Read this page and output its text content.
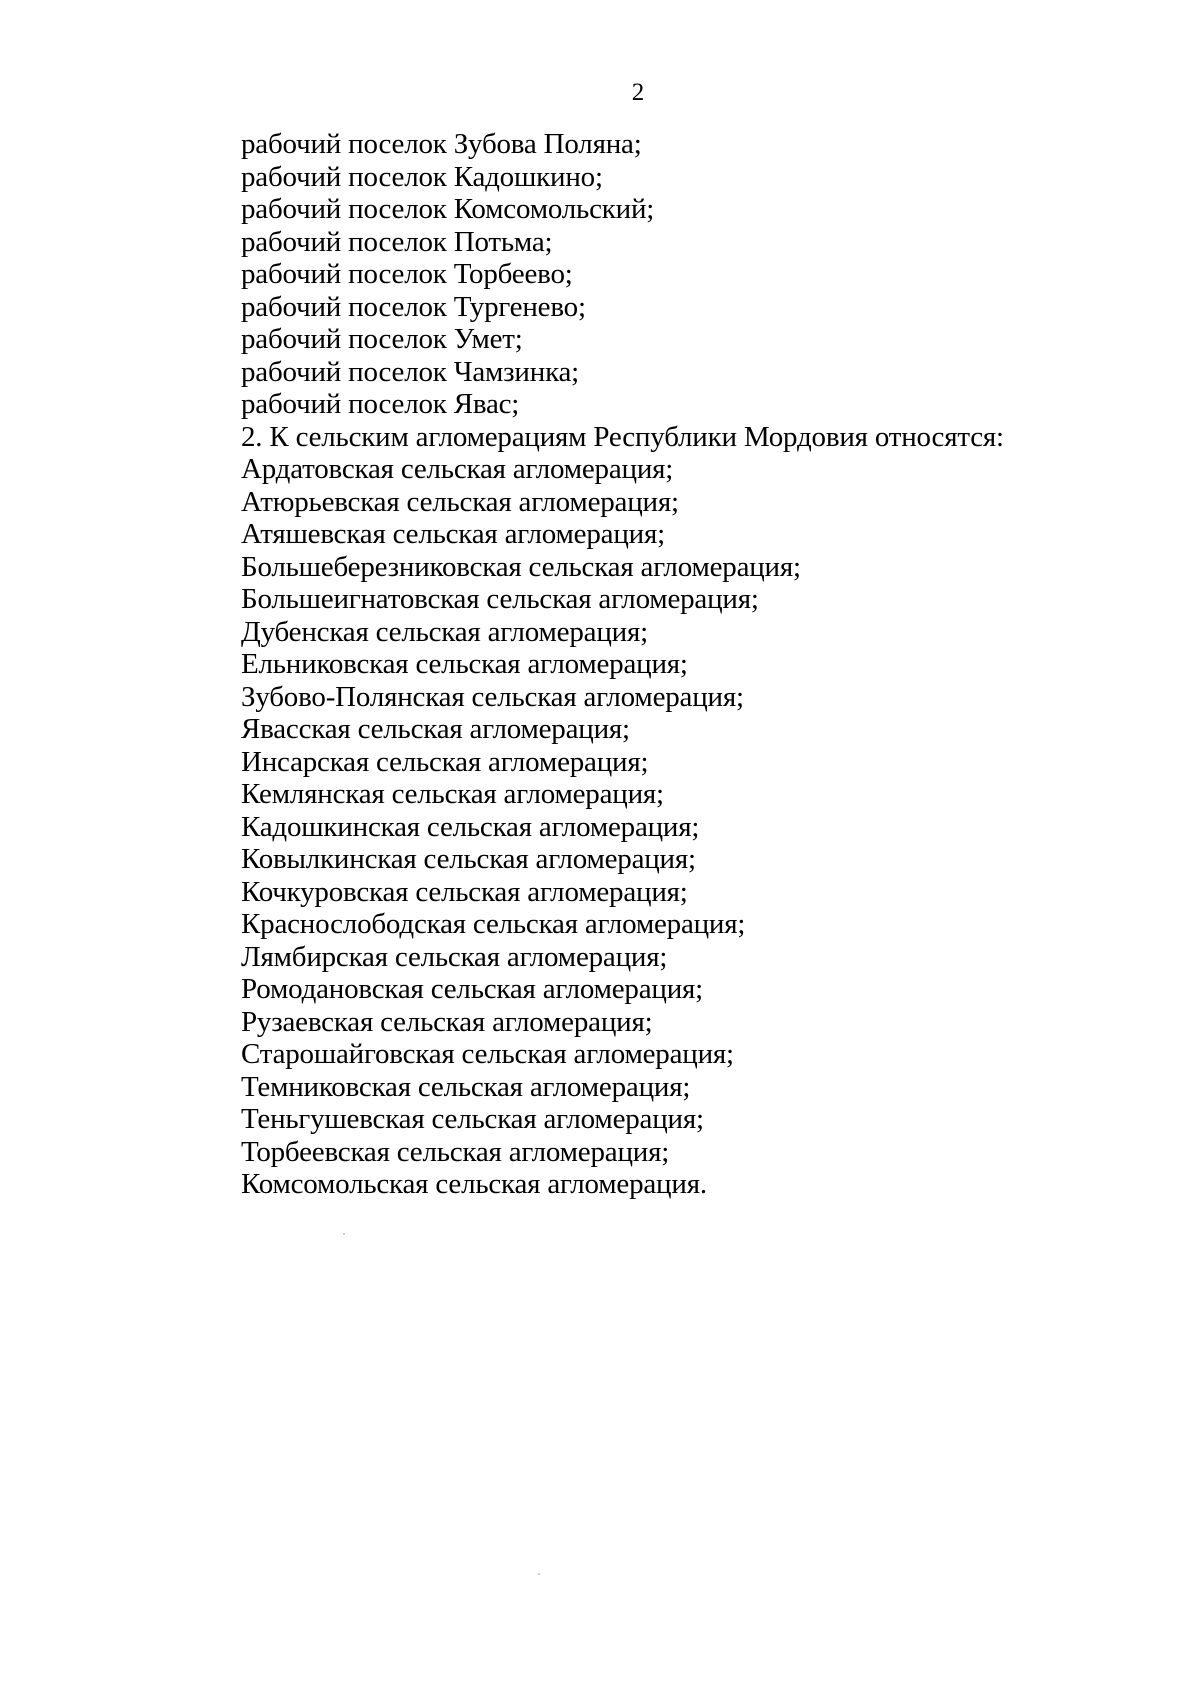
2
рабочий поселок Зубова Поляна;
рабочий поселок Кадошкино;
рабочий поселок Комсомольский;
рабочий поселок Потьма;
рабочий поселок Торбеево;
рабочий поселок Тургенево;
рабочий поселок Умет;
рабочий поселок Чамзинка;
рабочий поселок Явас;
2. К сельским агломерациям Республики Мордовия относятся:
Ардатовская сельская агломерация;
Атюрьевская сельская агломерация;
Атяшевская сельская агломерация;
Большеберезниковская сельская агломерация;
Большеигнатовская сельская агломерация;
Дубенская сельская агломерация;
Ельниковская сельская агломерация;
Зубово-Полянская сельская агломерация;
Явасская сельская агломерация;
Инсарская сельская агломерация;
Кемлянская сельская агломерация;
Кадошкинская сельская агломерация;
Ковылкинская сельская агломерация;
Кочкуровская сельская агломерация;
Краснослободская сельская агломерация;
Лямбирская сельская агломерация;
Ромодановская сельская агломерация;
Рузаевская сельская агломерация;
Старошайговская сельская агломерация;
Темниковская сельская агломерация;
Теньгушевская сельская агломерация;
Торбеевская сельская агломерация;
Комсомольская сельская агломерация.
